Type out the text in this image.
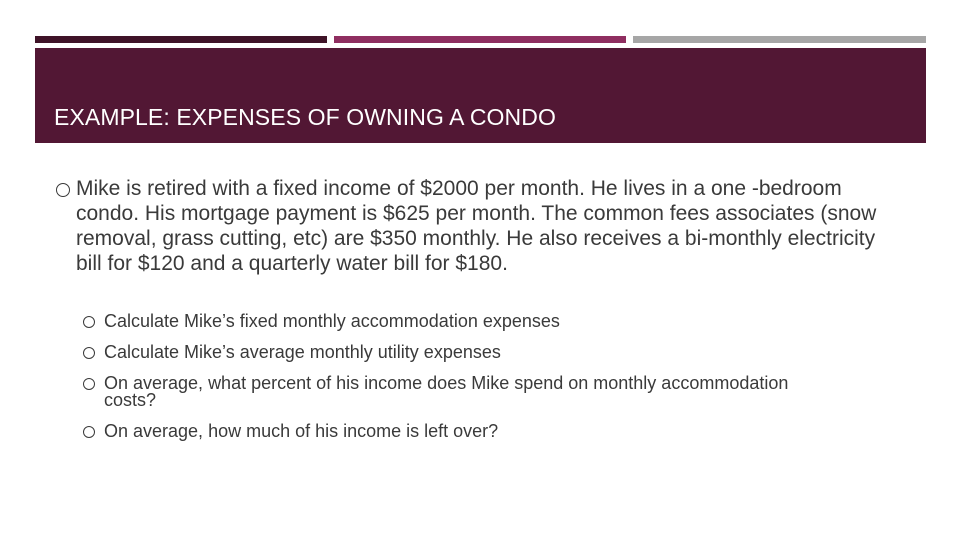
EXAMPLE: EXPENSES OF OWNING A CONDO
Mike is retired with a fixed income of $2000 per month. He lives in a one -bedroom condo. His mortgage payment is $625 per month. The common fees associates (snow removal, grass cutting, etc) are $350 monthly. He also receives a bi-monthly electricity bill for $120 and a quarterly water bill for $180.
Calculate Mike’s fixed monthly accommodation expenses
Calculate Mike’s average monthly utility expenses
On average, what percent of his income does Mike spend on monthly accommodation costs?
On average, how much of his income is left over?
